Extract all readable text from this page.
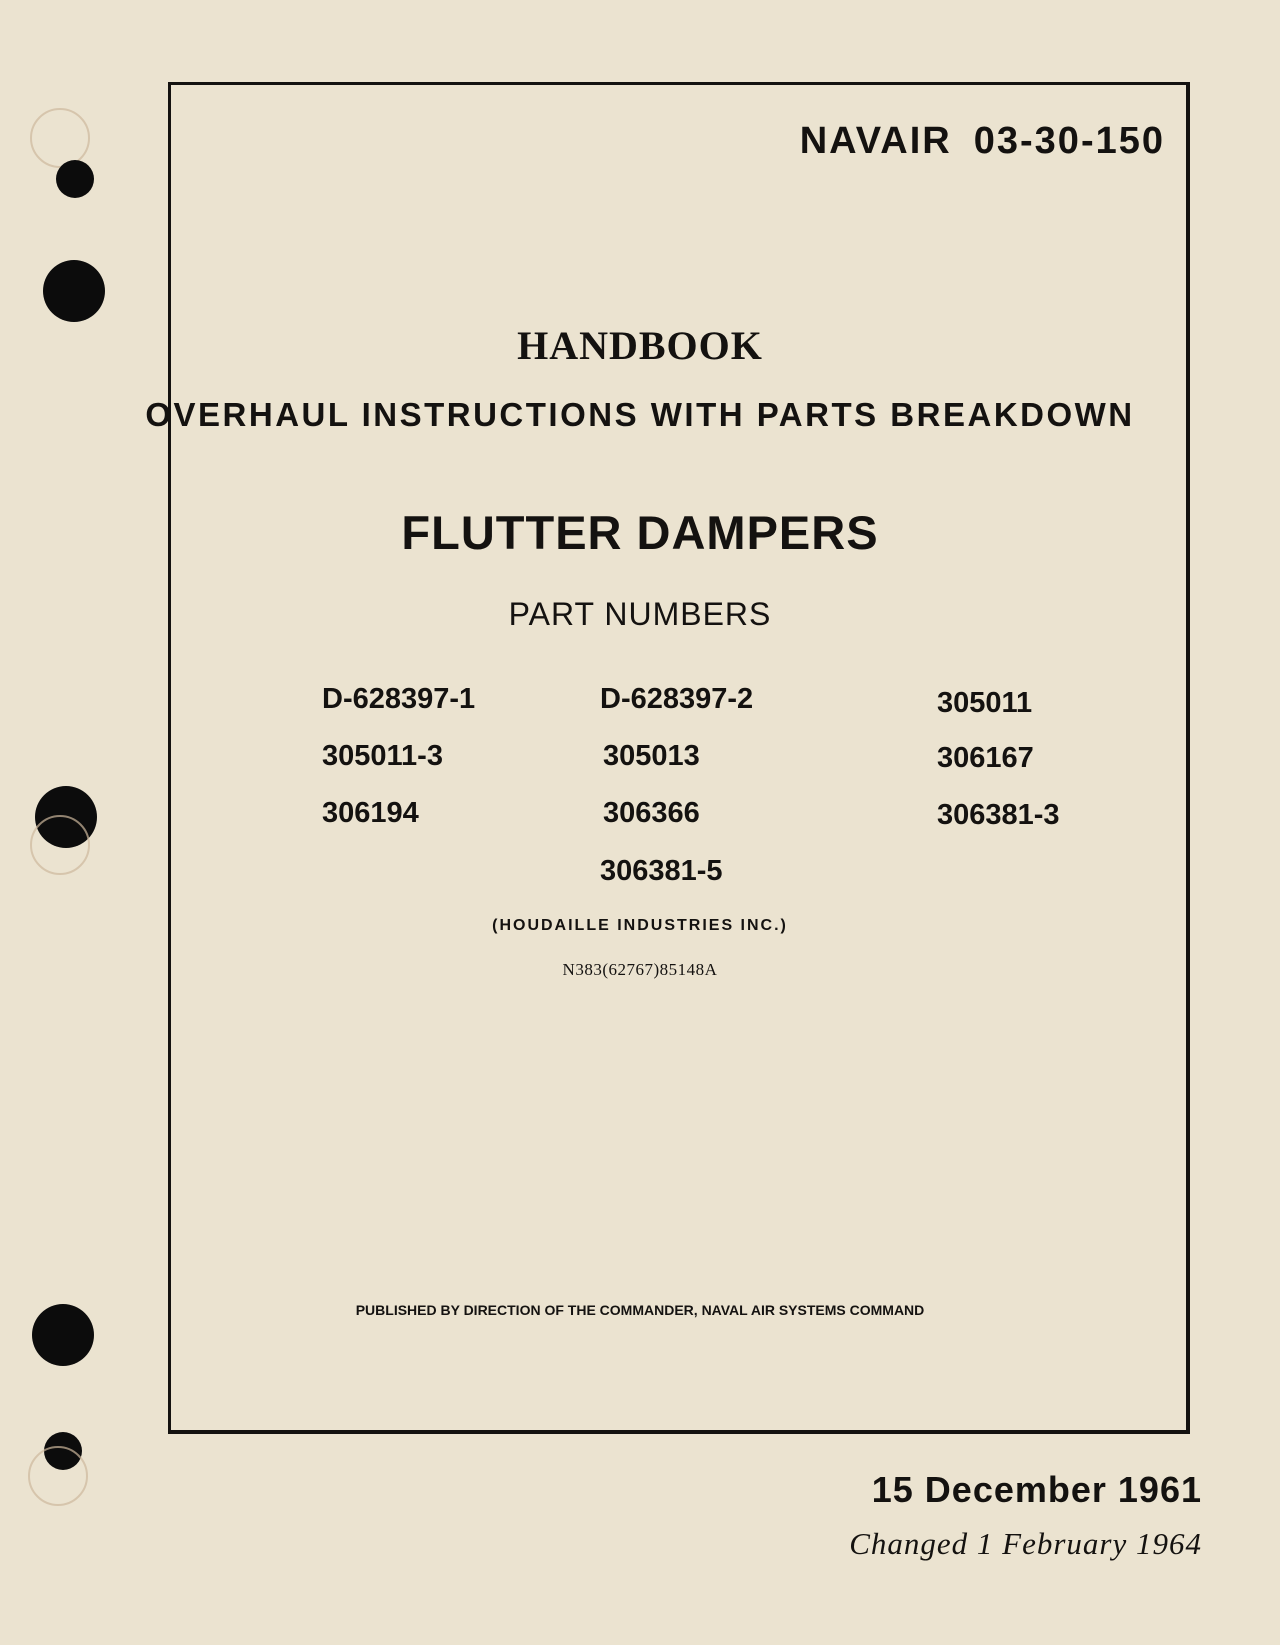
NAVAIR 03-30-150
HANDBOOK
OVERHAUL INSTRUCTIONS WITH PARTS BREAKDOWN
FLUTTER DAMPERS
PART NUMBERS
D-628397-1	D-628397-2	305011
305011-3	305013	306167
306194	306366	306381-3
306381-5
(HOUDAILLE INDUSTRIES INC.)
N383(62767)85148A
PUBLISHED BY DIRECTION OF THE COMMANDER, NAVAL AIR SYSTEMS COMMAND
15 December 1961
Changed 1 February 1964
